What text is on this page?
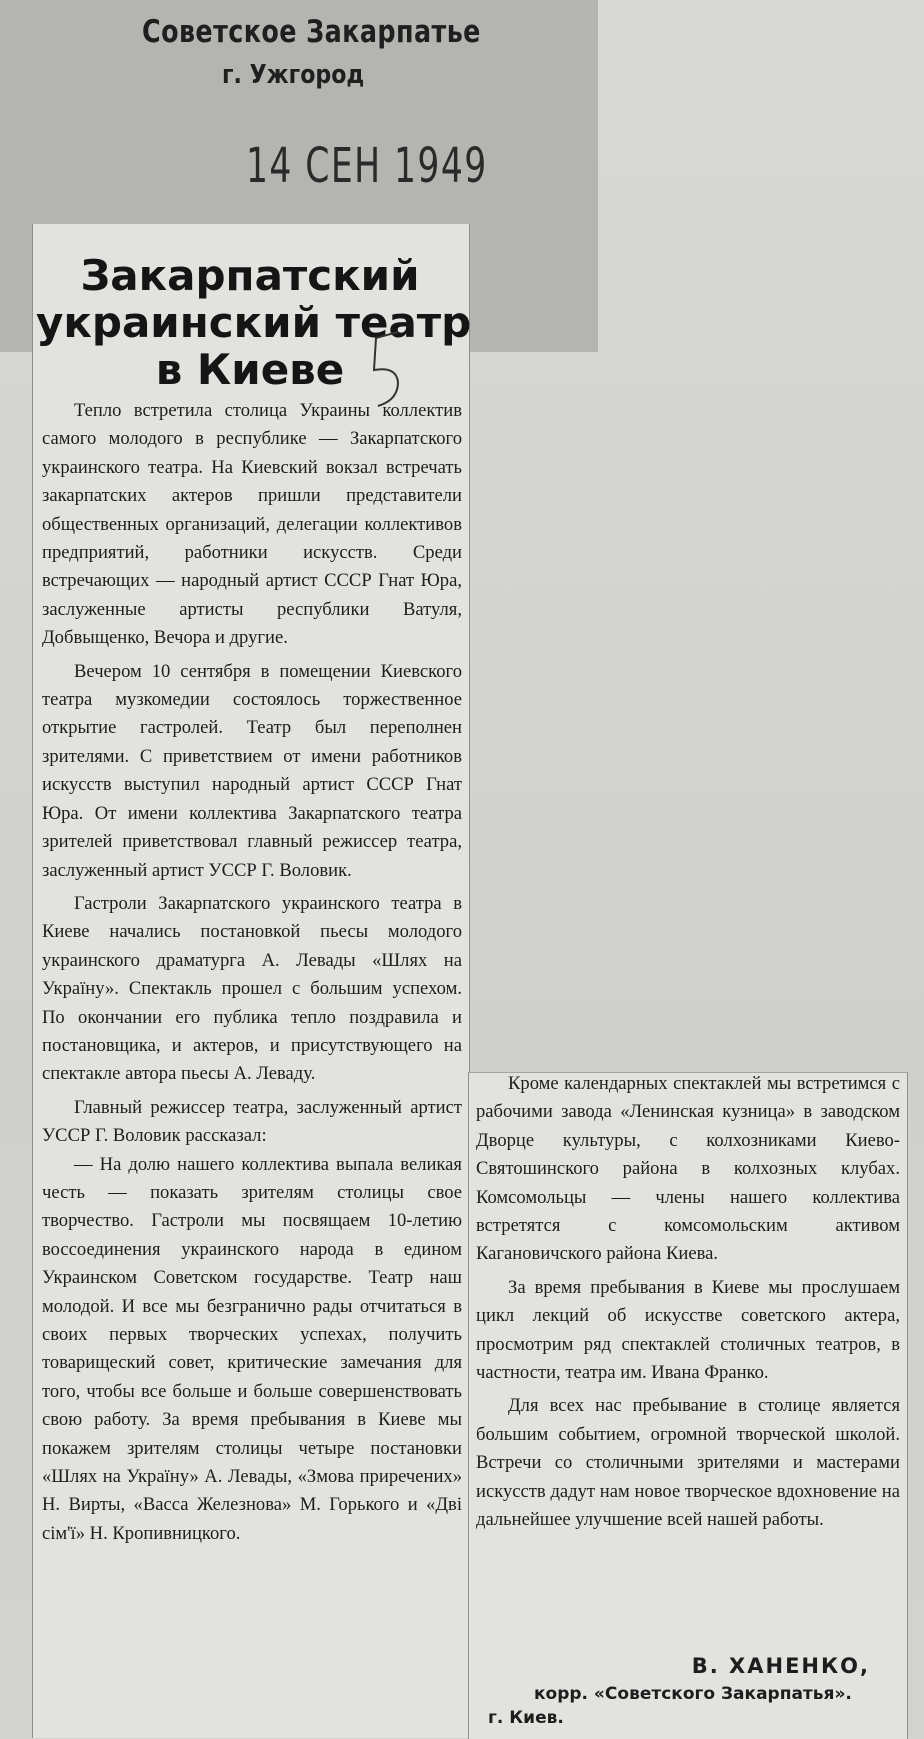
Советское Закарпатье
г. Ужгород
14 СЕН 1949
Закарпатский
украинский театр
в Киеве

Тепло встретила столица Украины коллектив самого молодого в республике — Закарпатского украинского театра. На Киевский вокзал встречать закарпатских актеров пришли представители общественных организаций, делегации коллективов предприятий, работники искусств. Среди встречающих — народный артист СССР Гнат Юра, заслуженные артисты республики Ватуля, Добвыщенко, Вечора и другие.

Вечером 10 сентября в помещении Киевского театра музкомедии состоялось торжественное открытие гастролей. Театр был переполнен зрителями. С приветствием от имени работников искусств выступил народный артист СССР Гнат Юра. От имени коллектива Закарпатского театра зрителей приветствовал главный режиссер театра, заслуженный артист УССР Г. Воловик.

Гастроли Закарпатского украинского театра в Киеве начались постановкой пьесы молодого украинского драматурга А. Левады «Шлях на Україну». Спектакль прошел с большим успехом. По окончании его публика тепло поздравила и постановщика, и актеров, и присутствующего на спектакле автора пьесы А. Леваду.

Главный режиссер театра, заслуженный артист УССР Г. Воловик рассказал:

— На долю нашего коллектива выпала великая честь — показать зрителям столицы свое творчество. Гастроли мы посвящаем 10-летию воссоединения украинского народа в едином Украинском Советском государстве. Театр наш молодой. И все мы безгранично рады отчитаться в своих первых творческих успехах, получить товарищеский совет, критические замечания для того, чтобы все больше и больше совершенствовать свою работу. За время пребывания в Киеве мы покажем зрителям столицы четыре постановки «Шлях на Україну» А. Левады, «Змова приречених» Н. Вирты, «Васса Железнова» М. Горького и «Дві сім'ї» Н. Кропивницкого.

Кроме календарных спектаклей мы встретимся с рабочими завода «Ленинская кузница» в заводском Дворце культуры, с колхозниками Киево-Святошинского района в колхозных клубах. Комсомольцы — члены нашего коллектива встретятся с комсомольским активом Кагановичского района Киева.

За время пребывания в Киеве мы прослушаем цикл лекций об искусстве советского актера, просмотрим ряд спектаклей столичных театров, в частности, театра им. Ивана Франко.

Для всех нас пребывание в столице является большим событием, огромной творческой школой. Встречи со столичными зрителями и мастерами искусств дадут нам новое творческое вдохновение на дальнейшее улучшение всей нашей работы.

В. ХАНЕНКО,
корр. «Советского Закарпатья».
г. Киев.
